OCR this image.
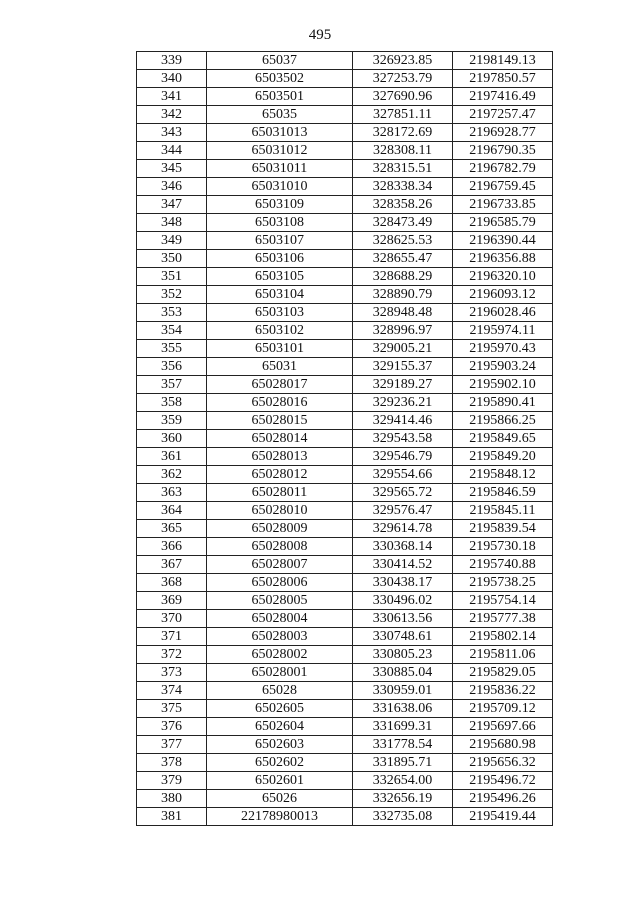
495
339	65037	326923.85	2198149.13
340	6503502	327253.79	2197850.57
341	6503501	327690.96	2197416.49
342	65035	327851.11	2197257.47
343	65031013	328172.69	2196928.77
344	65031012	328308.11	2196790.35
345	65031011	328315.51	2196782.79
346	65031010	328338.34	2196759.45
347	6503109	328358.26	2196733.85
348	6503108	328473.49	2196585.79
349	6503107	328625.53	2196390.44
350	6503106	328655.47	2196356.88
351	6503105	328688.29	2196320.10
352	6503104	328890.79	2196093.12
353	6503103	328948.48	2196028.46
354	6503102	328996.97	2195974.11
355	6503101	329005.21	2195970.43
356	65031	329155.37	2195903.24
357	65028017	329189.27	2195902.10
358	65028016	329236.21	2195890.41
359	65028015	329414.46	2195866.25
360	65028014	329543.58	2195849.65
361	65028013	329546.79	2195849.20
362	65028012	329554.66	2195848.12
363	65028011	329565.72	2195846.59
364	65028010	329576.47	2195845.11
365	65028009	329614.78	2195839.54
366	65028008	330368.14	2195730.18
367	65028007	330414.52	2195740.88
368	65028006	330438.17	2195738.25
369	65028005	330496.02	2195754.14
370	65028004	330613.56	2195777.38
371	65028003	330748.61	2195802.14
372	65028002	330805.23	2195811.06
373	65028001	330885.04	2195829.05
374	65028	330959.01	2195836.22
375	6502605	331638.06	2195709.12
376	6502604	331699.31	2195697.66
377	6502603	331778.54	2195680.98
378	6502602	331895.71	2195656.32
379	6502601	332654.00	2195496.72
380	65026	332656.19	2195496.26
381	22178980013	332735.08	2195419.44
